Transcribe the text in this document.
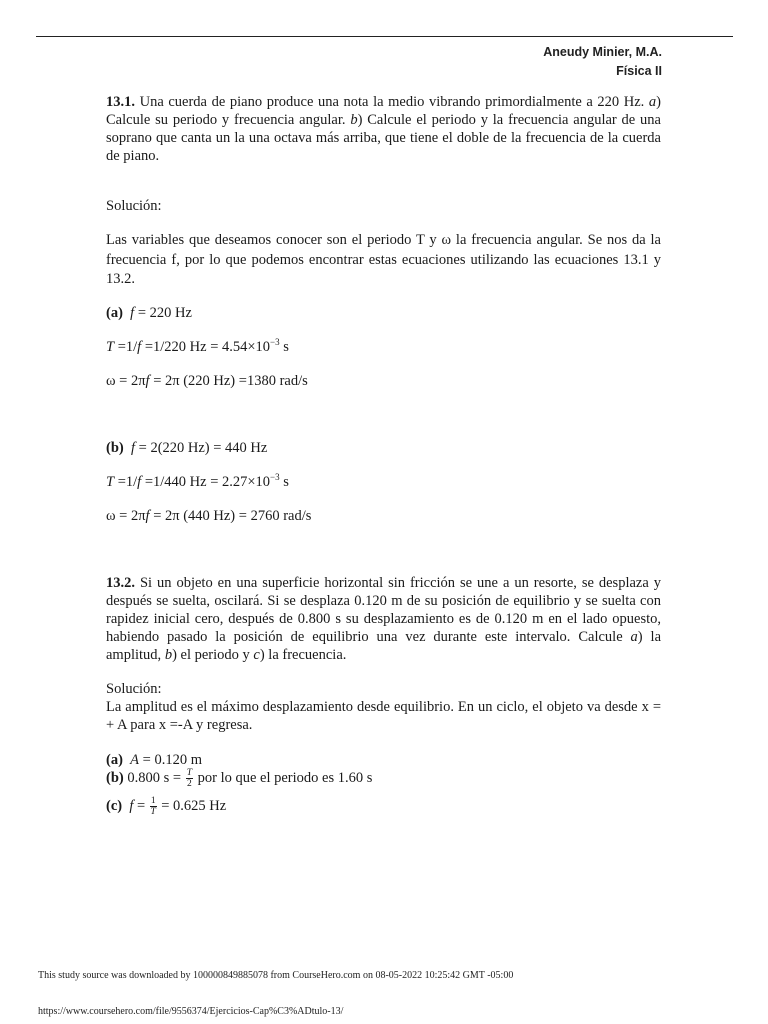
Aneudy Minier, M.A.
Física II
13.1. Una cuerda de piano produce una nota la medio vibrando primordialmente a 220 Hz. a) Calcule su periodo y frecuencia angular. b) Calcule el periodo y la frecuencia angular de una soprano que canta un la una octava más arriba, que tiene el doble de la frecuencia de la cuerda de piano.
Solución:
Las variables que deseamos conocer son el periodo T y ω la frecuencia angular. Se nos da la frecuencia f, por lo que podemos encontrar estas ecuaciones utilizando las ecuaciones 13.1 y 13.2.
(a) f = 220 Hz
T =1/f =1/220 $Hz = 4.54\times 10^{-3}$ s
ω = 2πf = 2π (220 Hz) =1380 rad/s
(b) f = 2(220 Hz) = 440 Hz
T =1/f =1/440 $Hz = 2.27\times 10^{-3}$ s
ω = 2πf = 2π (440 Hz) = 2760 rad/s
13.2. Si un objeto en una superficie horizontal sin fricción se une a un resorte, se desplaza y después se suelta, oscilará. Si se desplaza 0.120 m de su posición de equilibrio y se suelta con rapidez inicial cero, después de 0.800 s su desplazamiento es de 0.120 m en el lado opuesto, habiendo pasado la posición de equilibrio una vez durante este intervalo. Calcule a) la amplitud, b) el periodo y c) la frecuencia.
Solución:
La amplitud es el máximo desplazamiento desde equilibrio. En un ciclo, el objeto va desde x = + A para x =-A y regresa.
(a) A = 0.120 m
(b) 0.800 $s = \frac{T}{2}$ por lo que el periodo es 1.60 s
(c) $f = \frac{1}{T} = 0.625$ Hz
This study source was downloaded by 100000849885078 from CourseHero.com on 08-05-2022 10:25:42 GMT -05:00
https://www.coursehero.com/file/9556374/Ejercicios-Cap%C3%ADtulo-13/
